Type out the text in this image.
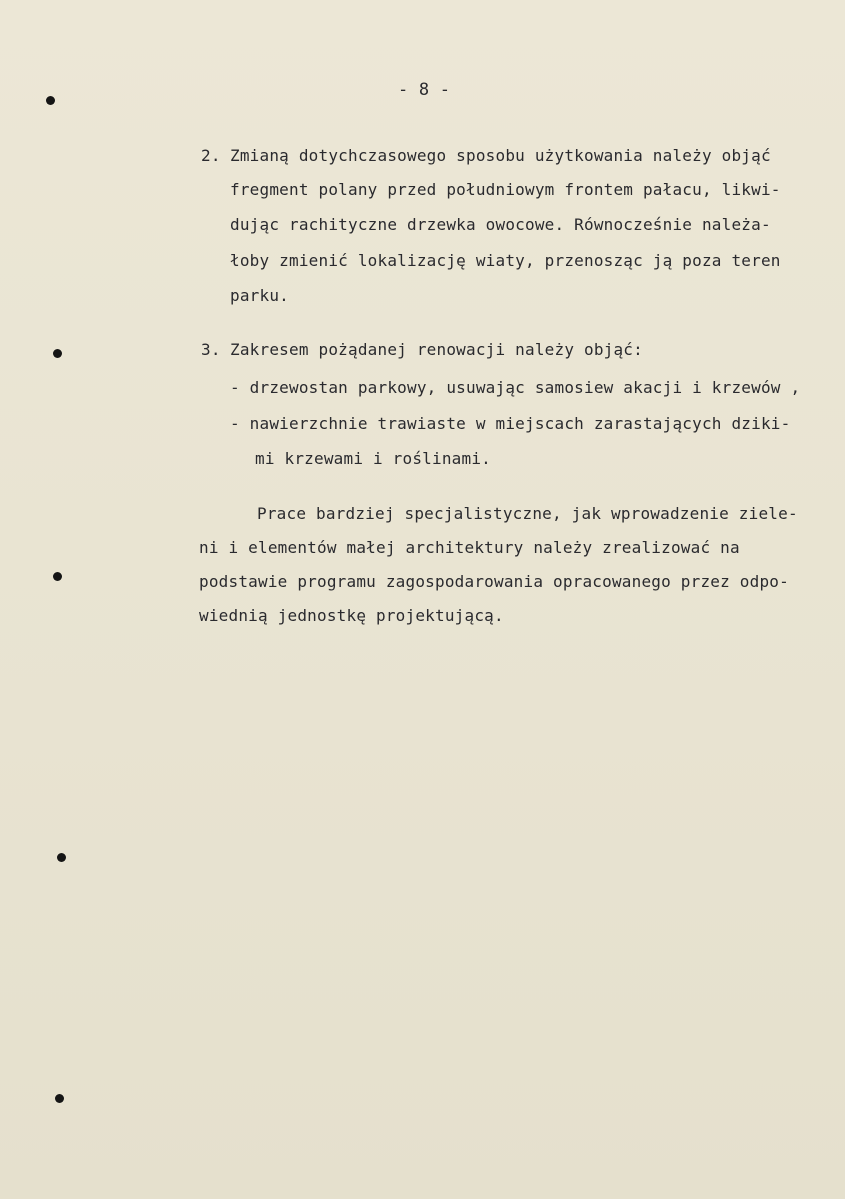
- 8 -
2. Zmianą dotychczasowego sposobu użytkowania należy objąć
fregment polany przed południowym frontem pałacu, likwi-
dując rachityczne drzewka owocowe. Równocześnie należa-
łoby zmienić lokalizację wiaty, przenosząc ją poza teren
parku.
3. Zakresem pożądanej renowacji należy objąć:
- drzewostan parkowy, usuwając samosiew akacji i krzewów ,
- nawierzchnie trawiaste w miejscach zarastających dziki-
mi krzewami i roślinami.
Prace bardziej specjalistyczne, jak wprowadzenie ziele-
ni i elementów małej architektury należy zrealizować na
podstawie programu zagospodarowania opracowanego przez odpo-
wiednią jednostkę projektującą.
